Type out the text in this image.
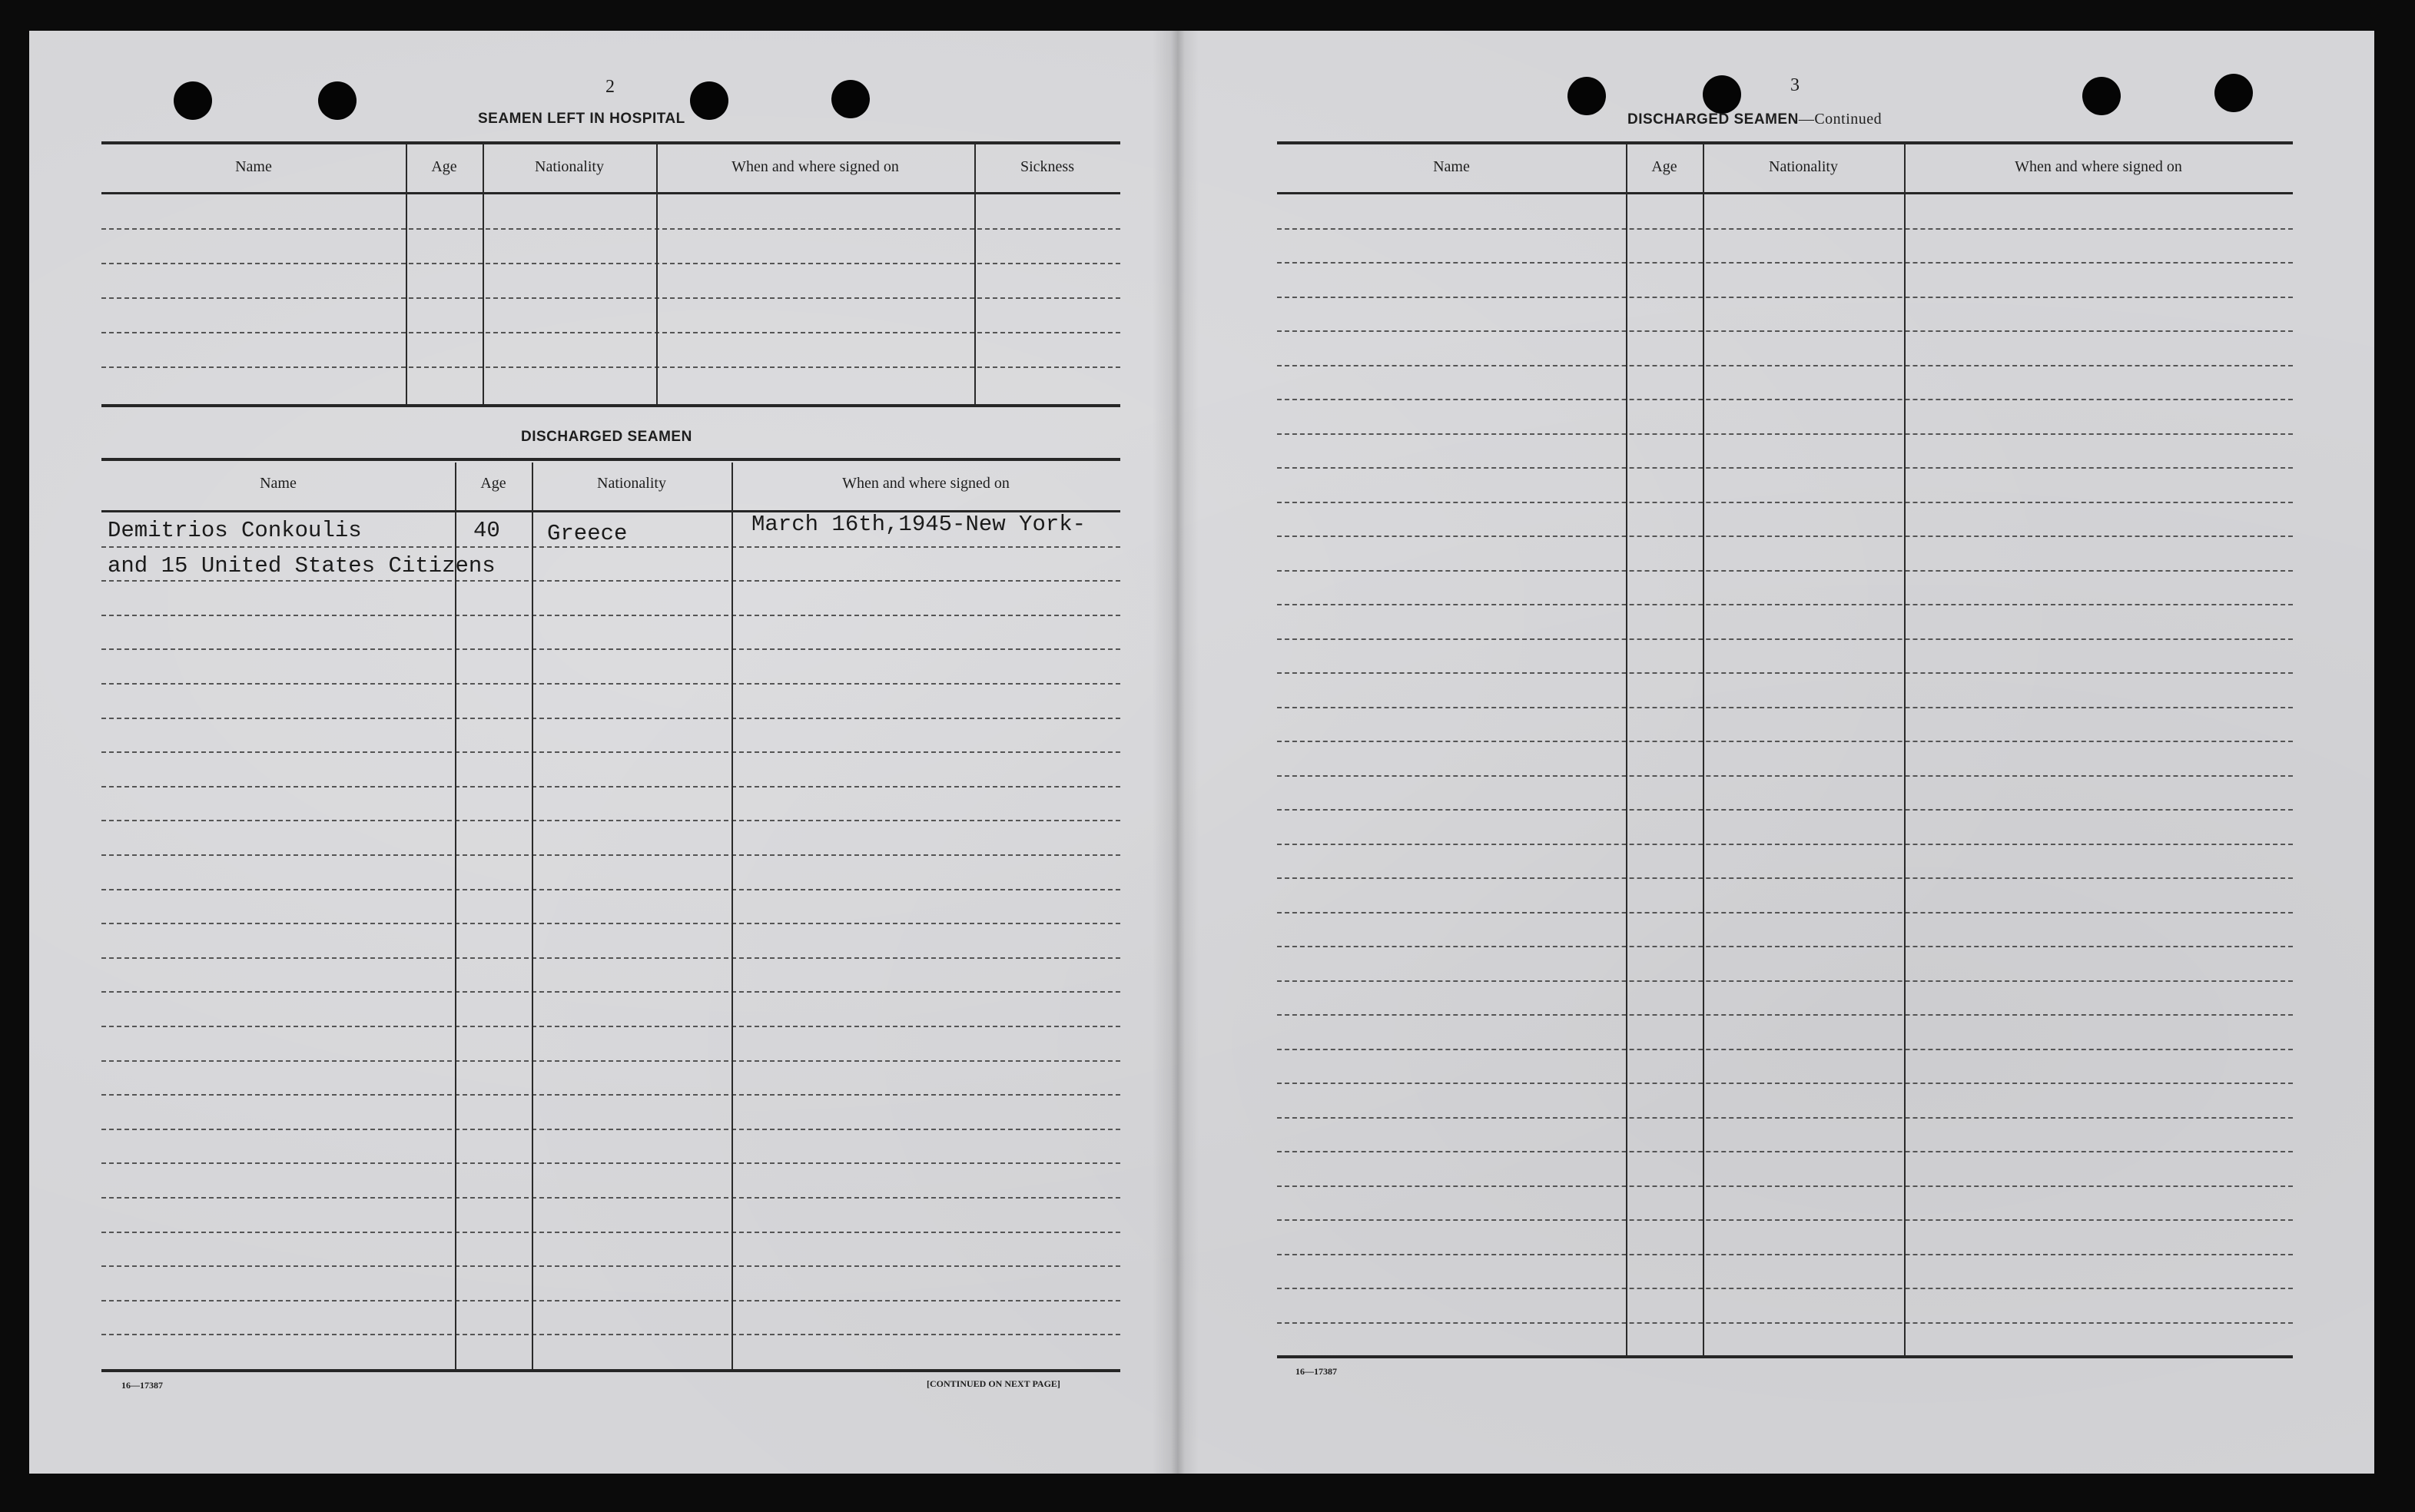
2
SEAMEN LEFT IN HOSPITAL
Name	Age	Nationality	When and where signed on	Sickness
DISCHARGED SEAMEN
Name	Age	Nationality	When and where signed on
Demitrios Conkoulis	40 Greece	March 16th,1945-New York-
and 15 United States Citizens
16—17387	[CONTINUED ON NEXT PAGE]
3
DISCHARGED SEAMEN—Continued
Name	Age	Nationality	When and where signed on
16—17387
